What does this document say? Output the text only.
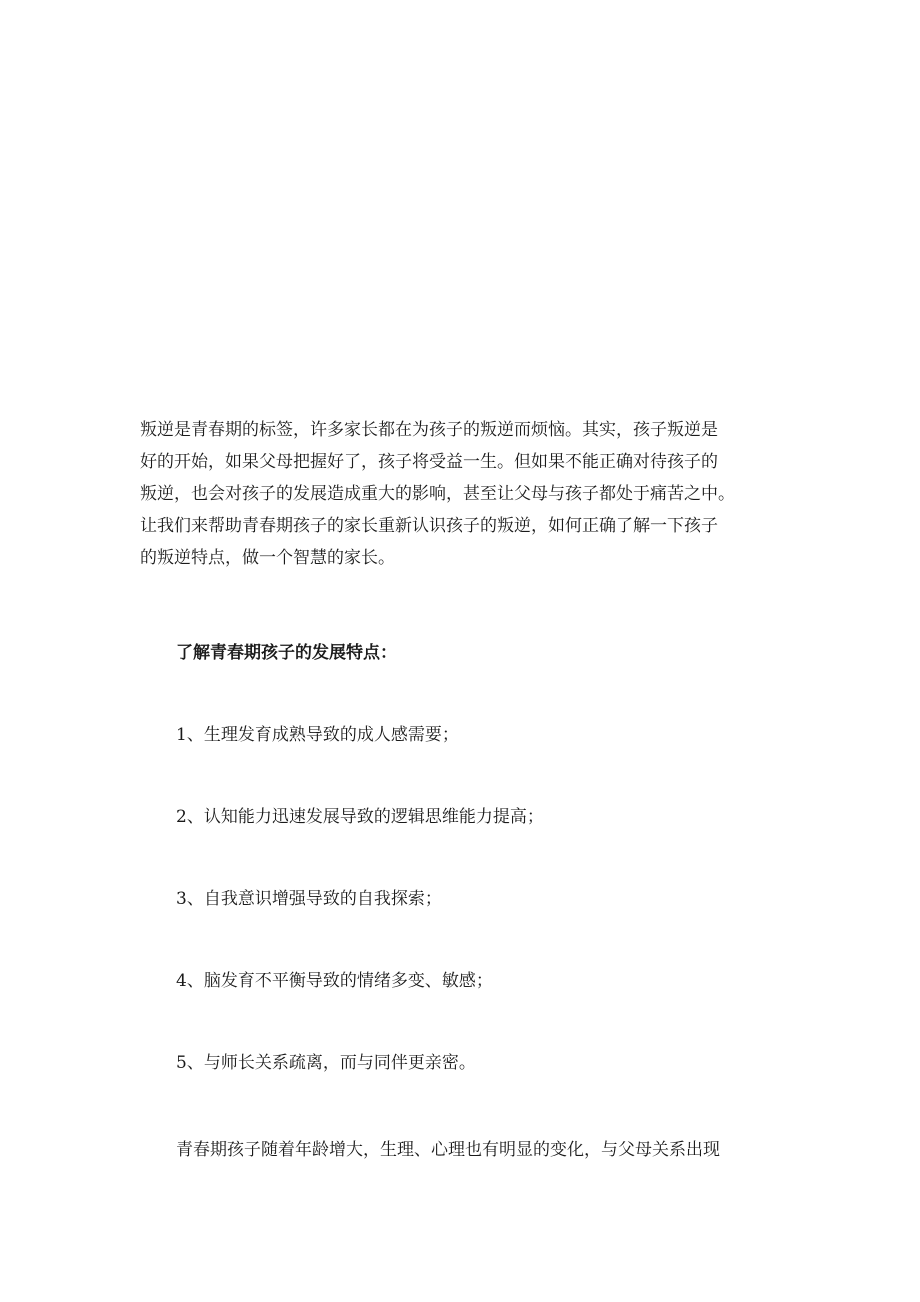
叛逆是青春期的标签，许多家长都在为孩子的叛逆而烦恼。其实，孩子叛逆是
好的开始，如果父母把握好了，孩子将受益一生。但如果不能正确对待孩子的
叛逆，也会对孩子的发展造成重大的影响，甚至让父母与孩子都处于痛苦之中。
让我们来帮助青春期孩子的家长重新认识孩子的叛逆，如何正确了解一下孩子
的叛逆特点，做一个智慧的家长。

了解青春期孩子的发展特点：

1、生理发育成熟导致的成人感需要；

2、认知能力迅速发展导致的逻辑思维能力提高；

3、自我意识增强导致的自我探索；

4、脑发育不平衡导致的情绪多变、敏感；

5、与师长关系疏离，而与同伴更亲密。

青春期孩子随着年龄增大，生理、心理也有明显的变化，与父母关系出现
